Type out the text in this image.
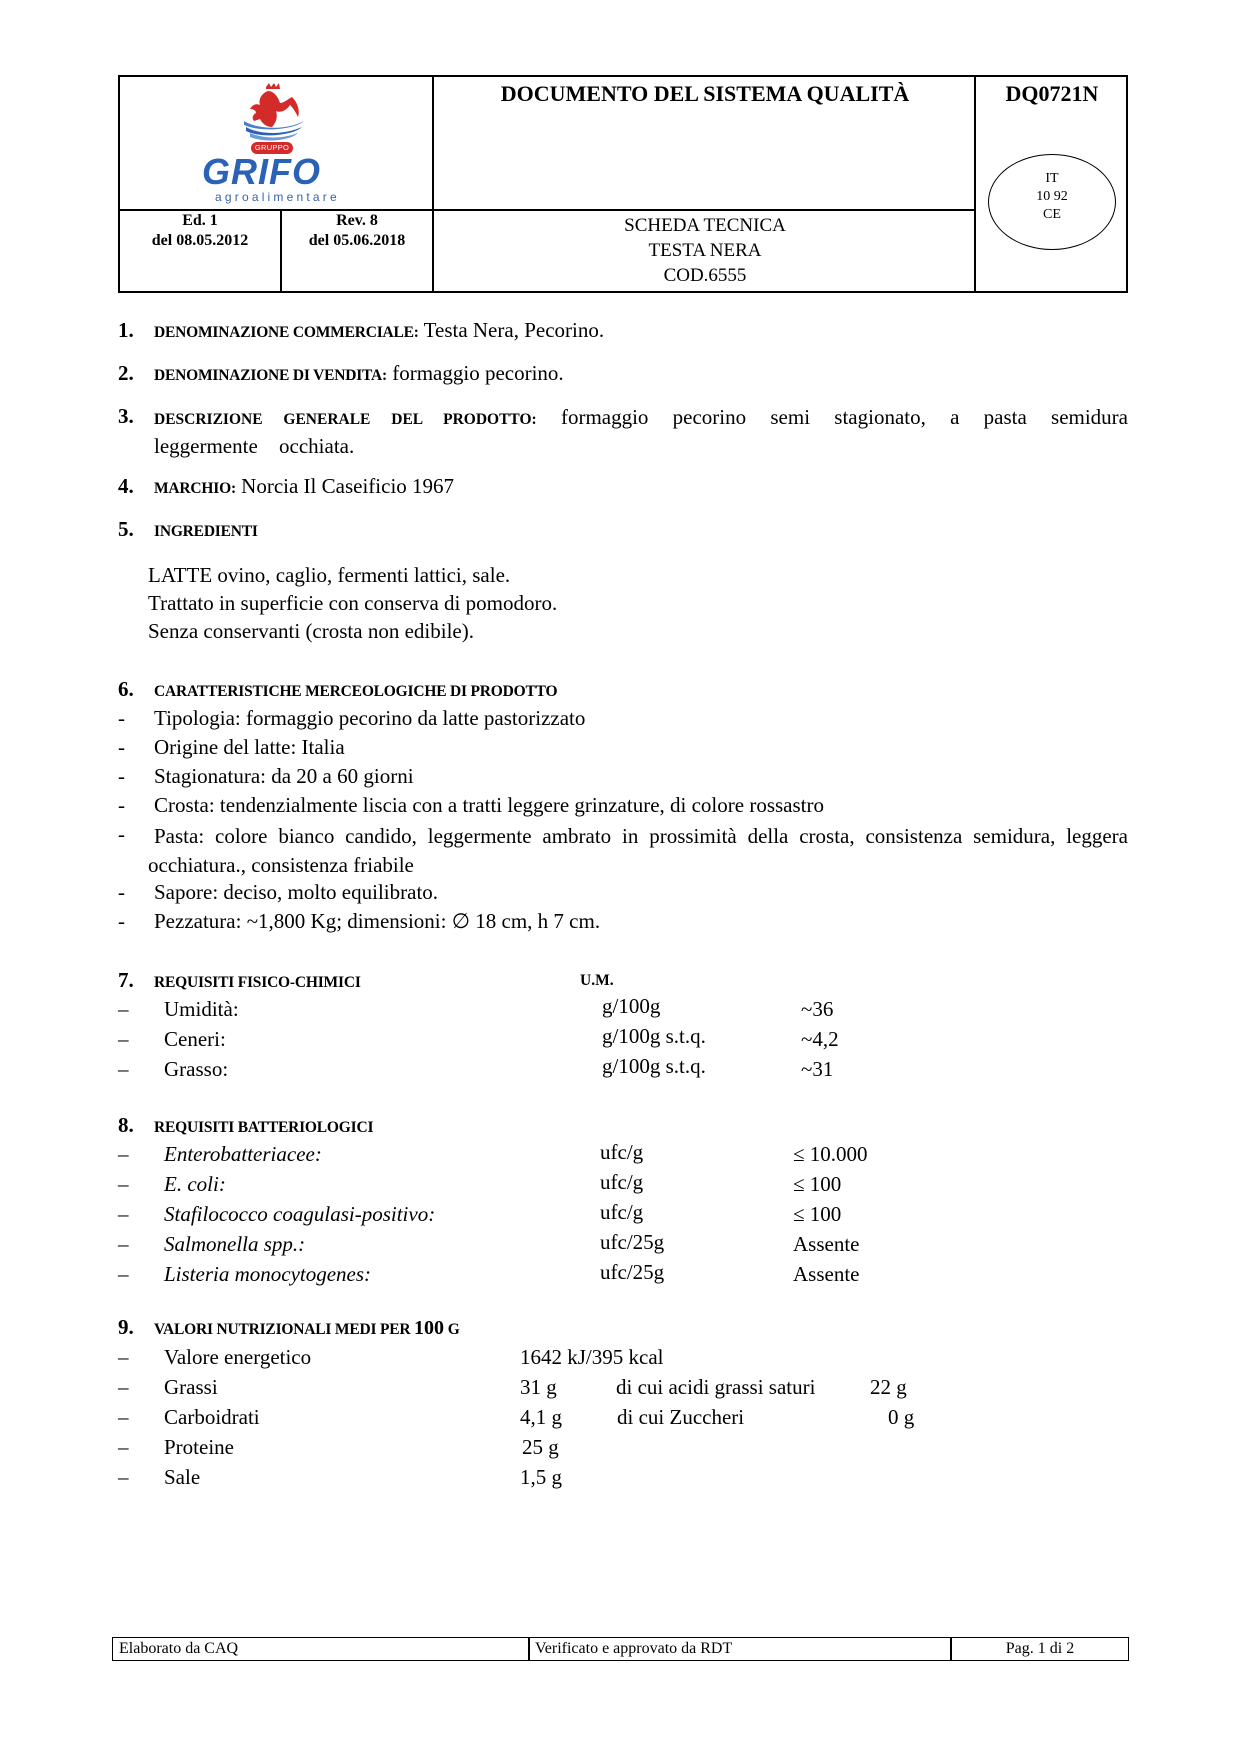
GRUPPO
GRIFO
agroalimentare
Ed. 1
del 08.05.2012
Rev. 8
del 05.06.2018
DOCUMENTO DEL SISTEMA QUALITÀ	DQ0721N
SCHEDA TECNICA
TESTA NERA
COD.6555
IT
10 92
CE
1. DENOMINAZIONE COMMERCIALE: Testa Nera, Pecorino.
2. DENOMINAZIONE DI VENDITA: formaggio pecorino.
3.	DESCRIZIONE GENERALE DEL PRODOTTO: formaggio pecorino semi stagionato, a pasta semidura leggermente occhiata.
4. MARCHIO: Norcia Il Caseificio 1967
5. INGREDIENTI
LATTE ovino, caglio, fermenti lattici, sale.
Trattato in superficie con conserva di pomodoro.
Senza conservanti (crosta non edibile).
6. CARATTERISTICHE MERCEOLOGICHE DI PRODOTTO
- Tipologia: formaggio pecorino da latte pastorizzato
- Origine del latte: Italia
- Stagionatura: da 20 a 60 giorni
- Crosta: tendenzialmente liscia con a tratti leggere grinzature, di colore rossastro
-	Pasta: colore bianco candido, leggermente ambrato in prossimità della crosta, consistenza semidura, leggera occhiatura., consistenza friabile
- Sapore: deciso, molto equilibrato.
- Pezzatura: ~1,800 Kg; dimensioni: ∅ 18 cm, h 7 cm.
7. REQUISITI FISICO-CHIMICI	U.M.
– Umidità:	g/100g	~36
– Ceneri:	g/100g s.t.q.	~4,2
– Grasso:	g/100g s.t.q.	~31
8. REQUISITI BATTERIOLOGICI
– Enterobatteriacee:	ufc/g	≤ 10.000
– E. coli:	ufc/g	≤ 100
– Stafilococco coagulasi-positivo:	ufc/g	≤ 100
– Salmonella spp.:	ufc/25g	Assente
– Listeria monocytogenes:	ufc/25g	Assente
9. VALORI NUTRIZIONALI MEDI PER 100 G
– Valore energetico	1642 kJ/395 kcal
– Grassi	31 g	di cui acidi grassi saturi	22 g
– Carboidrati	4,1 g	di cui Zuccheri	0 g
– Proteine	25 g
– Sale	1,5 g
Elaborato da CAQ	Verificato e approvato da RDT	Pag. 1 di 2
